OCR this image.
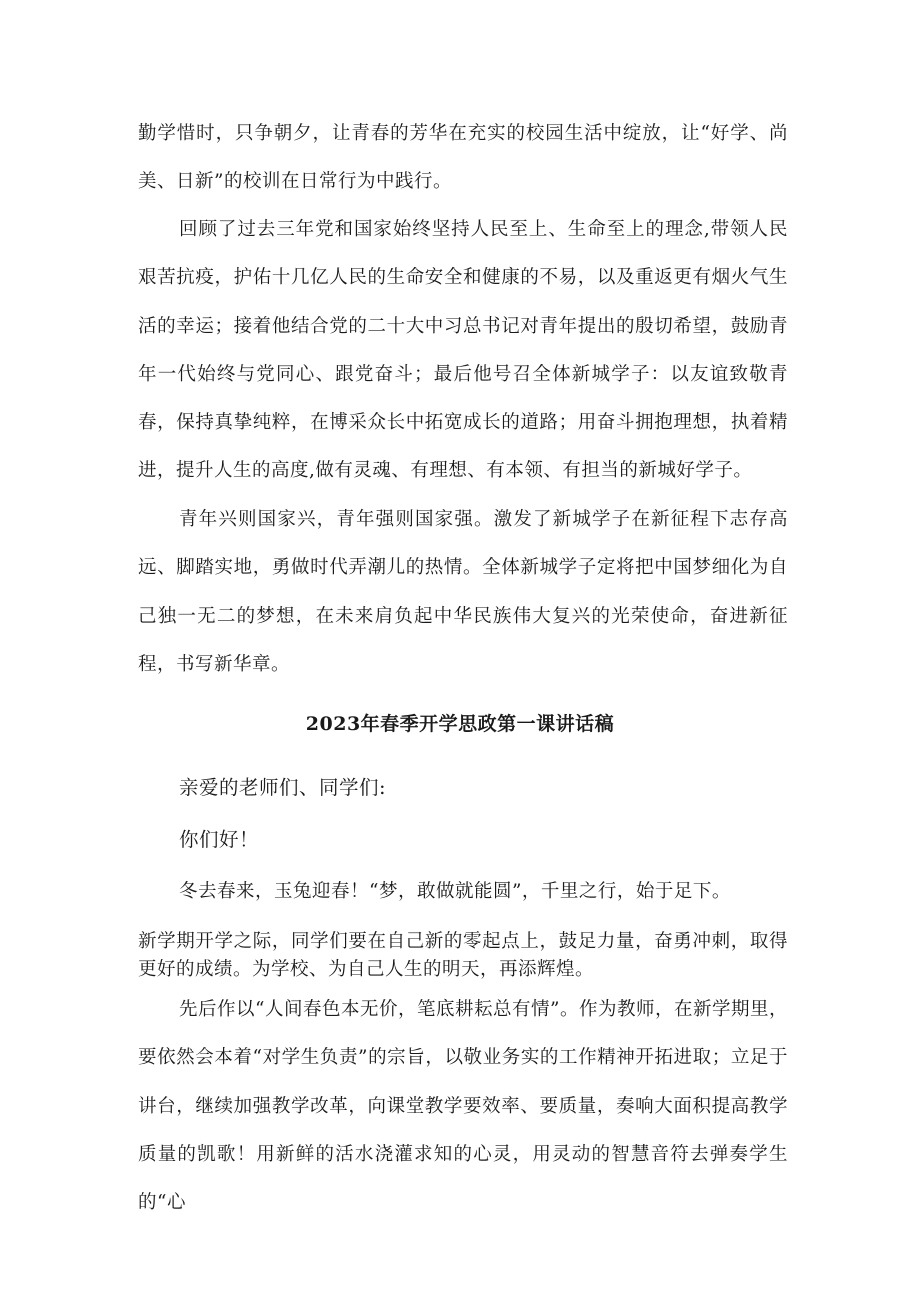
勤学惜时，只争朝夕，让青春的芳华在充实的校园生活中绽放，让“好学、尚美、日新”的校训在日常行为中践行。

回顾了过去三年党和国家始终坚持人民至上、生命至上的理念,带领人民艰苦抗疫，护佑十几亿人民的生命安全和健康的不易，以及重返更有烟火气生活的幸运；接着他结合党的二十大中习总书记对青年提出的殷切希望，鼓励青年一代始终与党同心、跟党奋斗；最后他号召全体新城学子：以友谊致敬青春，保持真挚纯粹，在博采众长中拓宽成长的道路；用奋斗拥抱理想，执着精进，提升人生的高度,做有灵魂、有理想、有本领、有担当的新城好学子。

青年兴则国家兴，青年强则国家强。激发了新城学子在新征程下志存高远、脚踏实地，勇做时代弄潮儿的热情。全体新城学子定将把中国梦细化为自己独一无二的梦想，在未来肩负起中华民族伟大复兴的光荣使命，奋进新征程，书写新华章。

2023年春季开学思政第一课讲话稿

亲爱的老师们、同学们:

你们好！

冬去春来，玉兔迎春！“梦，敢做就能圆”，千里之行，始于足下。

新学期开学之际，同学们要在自己新的零起点上，鼓足力量，奋勇冲刺，取得更好的成绩。为学校、为自己人生的明天，再添辉煌。

先后作以“人间春色本无价，笔底耕耘总有情”。作为教师，在新学期里，要依然会本着“对学生负责”的宗旨，以敬业务实的工作精神开拓进取；立足于讲台，继续加强教学改革，向课堂教学要效率、要质量，奏响大面积提高教学质量的凯歌！用新鲜的活水浇灌求知的心灵，用灵动的智慧音符去弹奏学生的“心
